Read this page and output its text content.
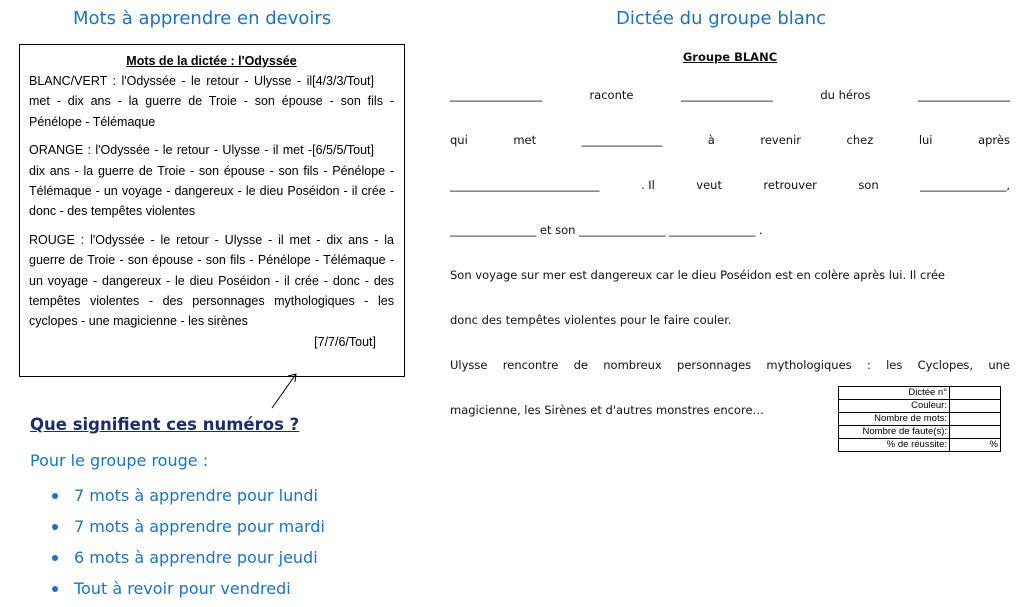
Mots à apprendre en devoirs	Dictée du groupe blanc
Mots de la dictée : l'Odyssée
[4/3/3/Tout]
BLANC/VERT : l'Odyssée - le retour - Ulysse - il met - dix ans - la guerre de Troie - son épouse - son fils - Pénélope - Télémaque
[6/5/5/Tout]
ORANGE : l'Odyssée - le retour - Ulysse - il met - dix ans - la guerre de Troie - son épouse - son fils - Pénélope - Télémaque - un voyage - dangereux - le dieu Poséidon - il crée - donc - des tempêtes violentes
ROUGE : l'Odyssée - le retour - Ulysse - il met - dix ans - la guerre de Troie - son épouse - son fils - Pénélope - Télémaque - un voyage - dangereux - le dieu Poséidon - il crée - donc - des tempêtes violentes - des personnages mythologiques - les cyclopes - une magicienne - les sirènes
[7/7/6/Tout]
Que signifient ces numéros ?
Pour le groupe rouge :
7 mots à apprendre pour lundi
7 mots à apprendre pour mardi
6 mots à apprendre pour jeudi
Tout à revoir pour vendredi
Groupe BLANC
________________	raconte	________________	du héros	________________
qui	met	______________	à	revenir	chez	lui	après
__________________________	. Il	veut	retrouver	son	_______________,
_______________ et son _______________ _______________ .
Son voyage sur mer est dangereux car le dieu Poséidon est en colère après lui. Il crée
donc des tempêtes violentes pour le faire couler.
Ulysse rencontre de nombreux personnages mythologiques : les Cyclopes, une
magicienne, les Sirènes et d'autres monstres encore…
Dictée n°	
Couleur:	
Nombre de mots:	
Nombre de faute(s):	
% de réussite:	%
